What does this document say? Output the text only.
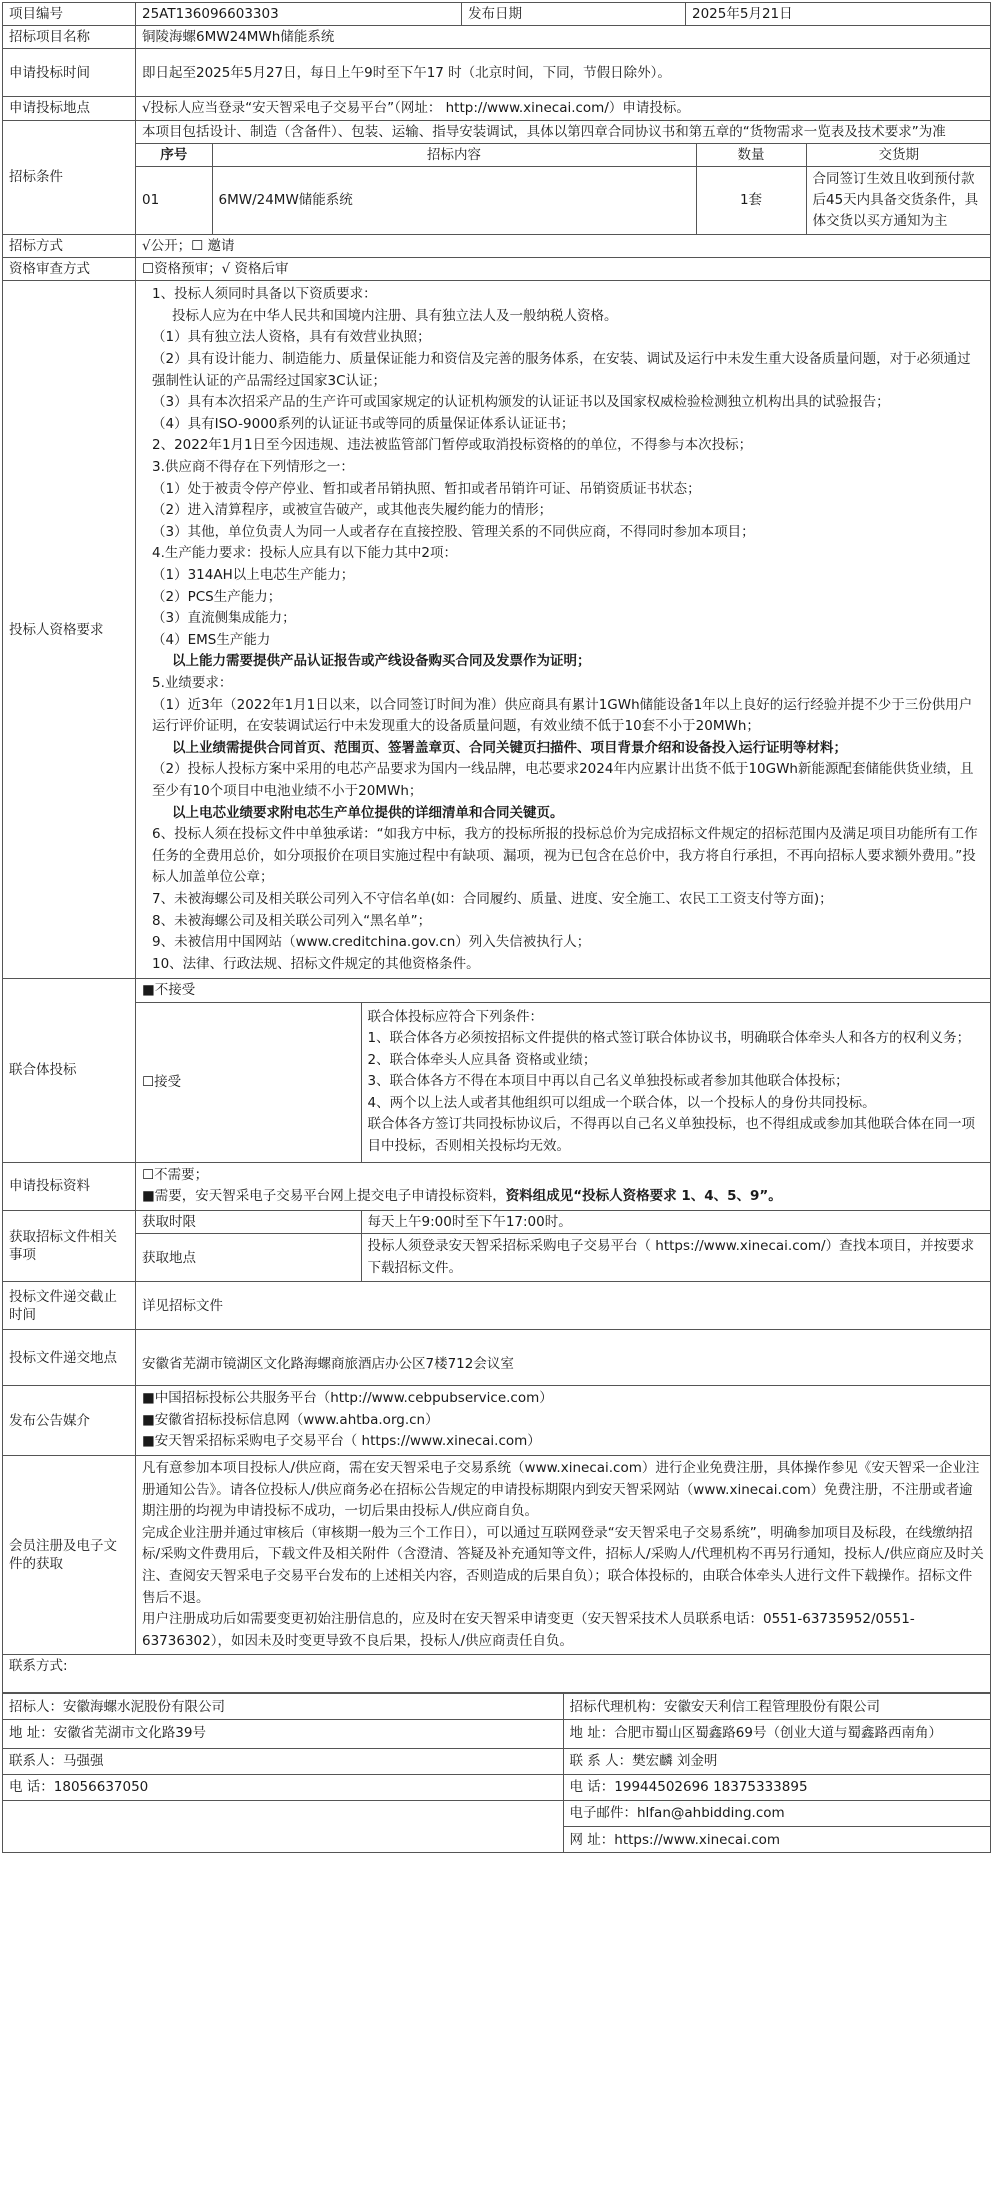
项目编号	25AT136096603303	发布日期	2025年5月21日
招标项目名称	铜陵海螺6MW24MWh储能系统
申请投标时间	即日起至2025年5月27日，每日上午9时至下午17 时（北京时间，下同，节假日除外）。
申请投标地点	√投标人应当登录“安天智采电子交易平台”（网址： http://www.xinecai.com/）申请投标。
招标条件	
本项目包括设计、制造（含备件）、包装、运输、指导安装调试，具体以第四章合同协议书和第五章的“货物需求一览表及技术要求”为准
序号	招标内容	数量	交货期
01	6MW/24MW储能系统	1套	合同签订生效且收到预付款后45天内具备交货条件，具体交货以买方通知为主

招标方式	√公开；☐ 邀请
资格审查方式	☐资格预审；√ 资格后审
投标人资格要求	
1、投标人须同时具备以下资质要求：
投标人应为在中华人民共和国境内注册、具有独立法人及一般纳税人资格。
（1）具有独立法人资格，具有有效营业执照；
（2）具有设计能力、制造能力、质量保证能力和资信及完善的服务体系，在安装、调试及运行中未发生重大设备质量问题，对于必须通过强制性认证的产品需经过国家3C认证；
（3）具有本次招采产品的生产许可或国家规定的认证机构颁发的认证证书以及国家权威检验检测独立机构出具的试验报告；
（4）具有ISO-9000系列的认证证书或等同的质量保证体系认证证书；
2、2022年1月1日至今因违规、违法被监管部门暂停或取消投标资格的的单位，不得参与本次投标；
3.供应商不得存在下列情形之一：
（1）处于被责令停产停业、暂扣或者吊销执照、暂扣或者吊销许可证、吊销资质证书状态；
（2）进入清算程序，或被宣告破产，或其他丧失履约能力的情形；
（3）其他，单位负责人为同一人或者存在直接控股、管理关系的不同供应商，不得同时参加本项目；
4.生产能力要求：投标人应具有以下能力其中2项：
（1）314AH以上电芯生产能力；
（2）PCS生产能力；
（3）直流侧集成能力；
（4）EMS生产能力
以上能力需要提供产品认证报告或产线设备购买合同及发票作为证明；
5.业绩要求：
（1）近3年（2022年1月1日以来，以合同签订时间为准）供应商具有累计1GWh储能设备1年以上良好的运行经验并提不少于三份供用户运行评价证明，在安装调试运行中未发现重大的设备质量问题，有效业绩不低于10套不小于20MWh；
以上业绩需提供合同首页、范围页、签署盖章页、合同关键页扫描件、项目背景介绍和设备投入运行证明等材料；
（2）投标人投标方案中采用的电芯产品要求为国内一线品牌，电芯要求2024年内应累计出货不低于10GWh新能源配套储能供货业绩，且至少有10个项目中电池业绩不小于20MWh；
以上电芯业绩要求附电芯生产单位提供的详细清单和合同关键页。
6、投标人须在投标文件中单独承诺：“如我方中标，我方的投标所报的投标总价为完成招标文件规定的招标范围内及满足项目功能所有工作任务的全费用总价，如分项报价在项目实施过程中有缺项、漏项，视为已包含在总价中，我方将自行承担，不再向招标人要求额外费用。”投标人加盖单位公章；
7、未被海螺公司及相关联公司列入不守信名单(如：合同履约、质量、进度、安全施工、农民工工资支付等方面)；
8、未被海螺公司及相关联公司列入“黑名单”；
9、未被信用中国网站（www.creditchina.gov.cn）列入失信被执行人；
10、法律、行政法规、招标文件规定的其他资格条件。

联合体投标	
■不接受
☐接受	
联合体投标应符合下列条件：
1、联合体各方必须按招标文件提供的格式签订联合体协议书，明确联合体牵头人和各方的权利义务；
2、联合体牵头人应具备 资格或业绩；
3、联合体各方不得在本项目中再以自己名义单独投标或者参加其他联合体投标；
4、两个以上法人或者其他组织可以组成一个联合体，以一个投标人的身份共同投标。
联合体各方签订共同投标协议后，不得再以自己名义单独投标，也不得组成或参加其他联合体在同一项目中投标，否则相关投标均无效。

申请投标资料	
☐不需要；
■需要，安天智采电子交易平台网上提交电子申请投标资料，资料组成见“投标人资格要求 1、4、5、9”。

获取招标文件相关事项	
获取时限	每天上午9:00时至下午17:00时。
获取地点	投标人须登录安天智采招标采购电子交易平台（ https://www.xinecai.com/）查找本项目，并按要求下载招标文件。

投标文件递交截止时间	详见招标文件
投标文件递交地点	安徽省芜湖市镜湖区文化路海螺商旅酒店办公区7楼712会议室
发布公告媒介	
■中国招标投标公共服务平台（http://www.cebpubservice.com）
■安徽省招标投标信息网（www.ahtba.org.cn）
■安天智采招标采购电子交易平台（ https://www.xinecai.com）

会员注册及电子文件的获取	
凡有意参加本项目投标人/供应商，需在安天智采电子交易系统（www.xinecai.com）进行企业免费注册，具体操作参见《安天智采一企业注册通知公告》。请各位投标人/供应商务必在招标公告规定的申请投标期限内到安天智采网站（www.xinecai.com）免费注册，不注册或者逾期注册的均视为申请投标不成功，一切后果由投标人/供应商自负。
完成企业注册并通过审核后（审核期一般为三个工作日），可以通过互联网登录“安天智采电子交易系统”，明确参加项目及标段，在线缴纳招标/采购文件费用后，下载文件及相关附件（含澄清、答疑及补充通知等文件，招标人/采购人/代理机构不再另行通知，投标人/供应商应及时关注、查阅安天智采电子交易平台发布的上述相关内容，否则造成的后果自负）；联合体投标的，由联合体牵头人进行文件下载操作。招标文件售后不退。
用户注册成功后如需要变更初始注册信息的，应及时在安天智采申请变更（安天智采技术人员联系电话：0551-63735952/0551-63736302），如因未及时变更导致不良后果，投标人/供应商责任自负。

联系方式:

招标人：安徽海螺水泥股份有限公司	招标代理机构：安徽安天利信工程管理股份有限公司
地 址：安徽省芜湖市文化路39号	地 址：合肥市蜀山区蜀鑫路69号（创业大道与蜀鑫路西南角）
联系人：马强强	联 系 人：樊宏麟 刘金明
电 话：18056637050	电 话：19944502696 18375333895
	电子邮件：hlfan@ahbidding.com
	网 址：https://www.xinecai.com
